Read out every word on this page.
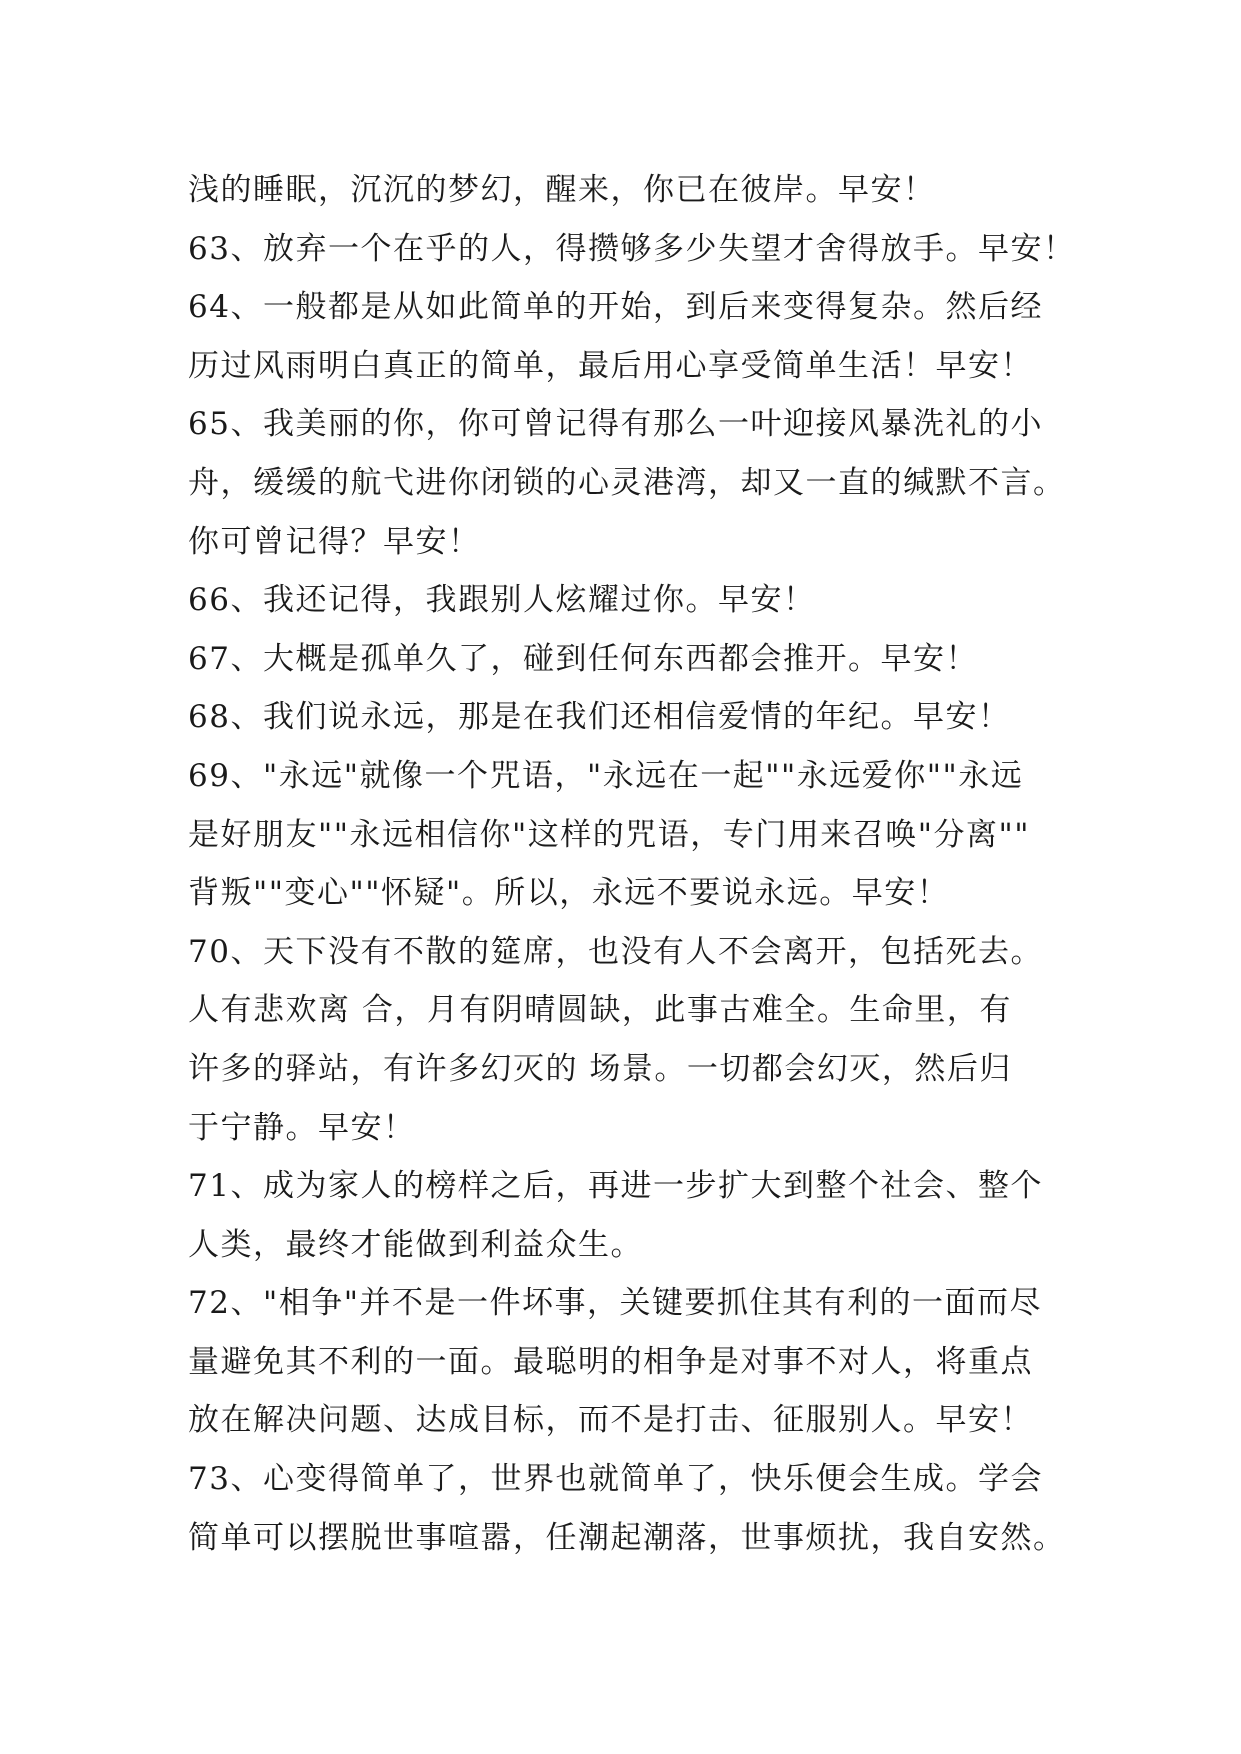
浅的睡眠，沉沉的梦幻，醒来，你已在彼岸。早安！
63、放弃一个在乎的人，得攒够多少失望才舍得放手。早安！
64、一般都是从如此简单的开始，到后来变得复杂。然后经
历过风雨明白真正的简单，最后用心享受简单生活！早安！
65、我美丽的你，你可曾记得有那么一叶迎接风暴洗礼的小
舟，缓缓的航弋进你闭锁的心灵港湾，却又一直的缄默不言。
你可曾记得？早安！
66、我还记得，我跟别人炫耀过你。早安！
67、大概是孤单久了，碰到任何东西都会推开。早安！
68、我们说永远，那是在我们还相信爱情的年纪。早安！
69、"永远"就像一个咒语，"永远在一起""永远爱你""永远
是好朋友""永远相信你"这样的咒语，专门用来召唤"分离""
背叛""变心""怀疑"。所以，永远不要说永远。早安！
70、天下没有不散的筵席，也没有人不会离开，包括死去。
人有悲欢离 合，月有阴晴圆缺，此事古难全。生命里，有
许多的驿站，有许多幻灭的 场景。一切都会幻灭，然后归
于宁静。早安！
71、成为家人的榜样之后，再进一步扩大到整个社会、整个
人类，最终才能做到利益众生。
72、"相争"并不是一件坏事，关键要抓住其有利的一面而尽
量避免其不利的一面。最聪明的相争是对事不对人，将重点
放在解决问题、达成目标，而不是打击、征服别人。早安！
73、心变得简单了，世界也就简单了，快乐便会生成。学会
简单可以摆脱世事喧嚣，任潮起潮落，世事烦扰，我自安然。
